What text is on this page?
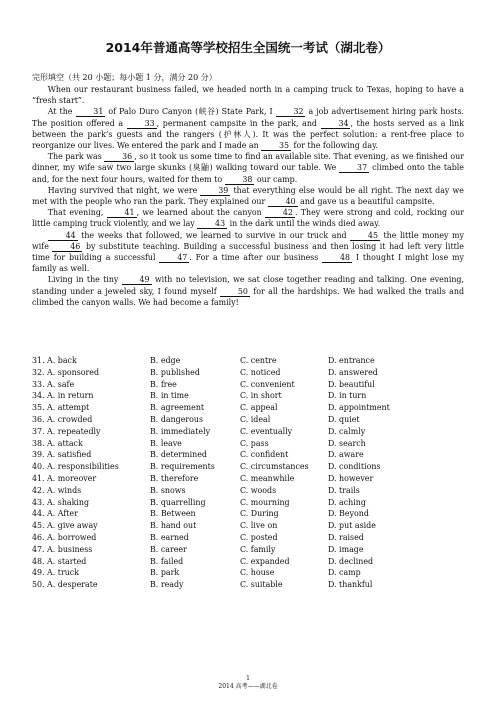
2014年普通高等学校招生全国统一考试（湖北卷）
完形填空（共 20 小题；每小题 1 分，满分 20 分）

When our restaurant business failed, we headed north in a camping truck to Texas, hoping to have a “fresh start”.

At the 31 of Palo Duro Canyon (峡谷) State Park, I 32 a job advertisement hiring park hosts. The position offered a 33 , permanent campsite in the park, and 34 , the hosts served as a link between the park’s guests and the rangers (护林人). It was the perfect solution: a rent-free place to reorganize our lives. We entered the park and I made an 35 for the following day.

The park was 36 , so it took us some time to find an available site. That evening, as we finished our dinner, my wife saw two large skunks (臭鼬) walking toward our table. We 37 climbed onto the table and, for the next four hours, waited for them to 38 our camp.

Having survived that night, we were 39 that everything else would be all right. The next day we met with the people who ran the park. They explained our 40 and gave us a beautiful campsite.

That evening, 41 , we learned about the canyon 42 . They were strong and cold, rocking our little camping truck violently, and we lay 43 in the dark until the winds died away.

44 the weeks that followed, we learned to survive in our truck and 45 the little money my wife 46 by substitute teaching. Building a successful business and then losing it had left very little time for building a successful 47 . For a time after our business 48 I thought I might lose my family as well.

Living in the tiny 49 with no television, we sat close together reading and talking. One evening, standing under a jeweled sky, I found myself 50 for all the hardships. We had walked the trails and climbed the canyon walls. We had become a family!

31. A. back	B. edge	C. centre	D. entrance
32. A. sponsored	B. published	C. noticed	D. answered
33. A. safe	B. free	C. convenient	D. beautiful
34. A. in return	B. in time	C. in short	D. in turn
35. A. attempt	B. agreement	C. appeal	D. appointment
36. A. crowded	B. dangerous	C. ideal	D. quiet
37. A. repeatedly	B. immediately	C. eventually	D. calmly
38. A. attack	B. leave	C. pass	D. search
39. A. satisfied	B. determined	C. confident	D. aware
40. A. responsibilities	B. requirements	C. circumstances	D. conditions
41. A. moreover	B. therefore	C. meanwhile	D. however
42. A. winds	B. snows	C. woods	D. trails
43. A. shaking	B. quarrelling	C. mourning	D. aching
44. A. After	B. Between	C. During	D. Beyond
45. A. give away	B. hand out	C. live on	D. put aside
46. A. borrowed	B. earned	C. posted	D. raised
47. A. business	B. career	C. family	D. image
48. A. started	B. failed	C. expanded	D. declined
49. A. truck	B. park	C. house	D. camp
50. A. desperate	B. ready	C. suitable	D. thankful
1
2014 高考——湖北卷
